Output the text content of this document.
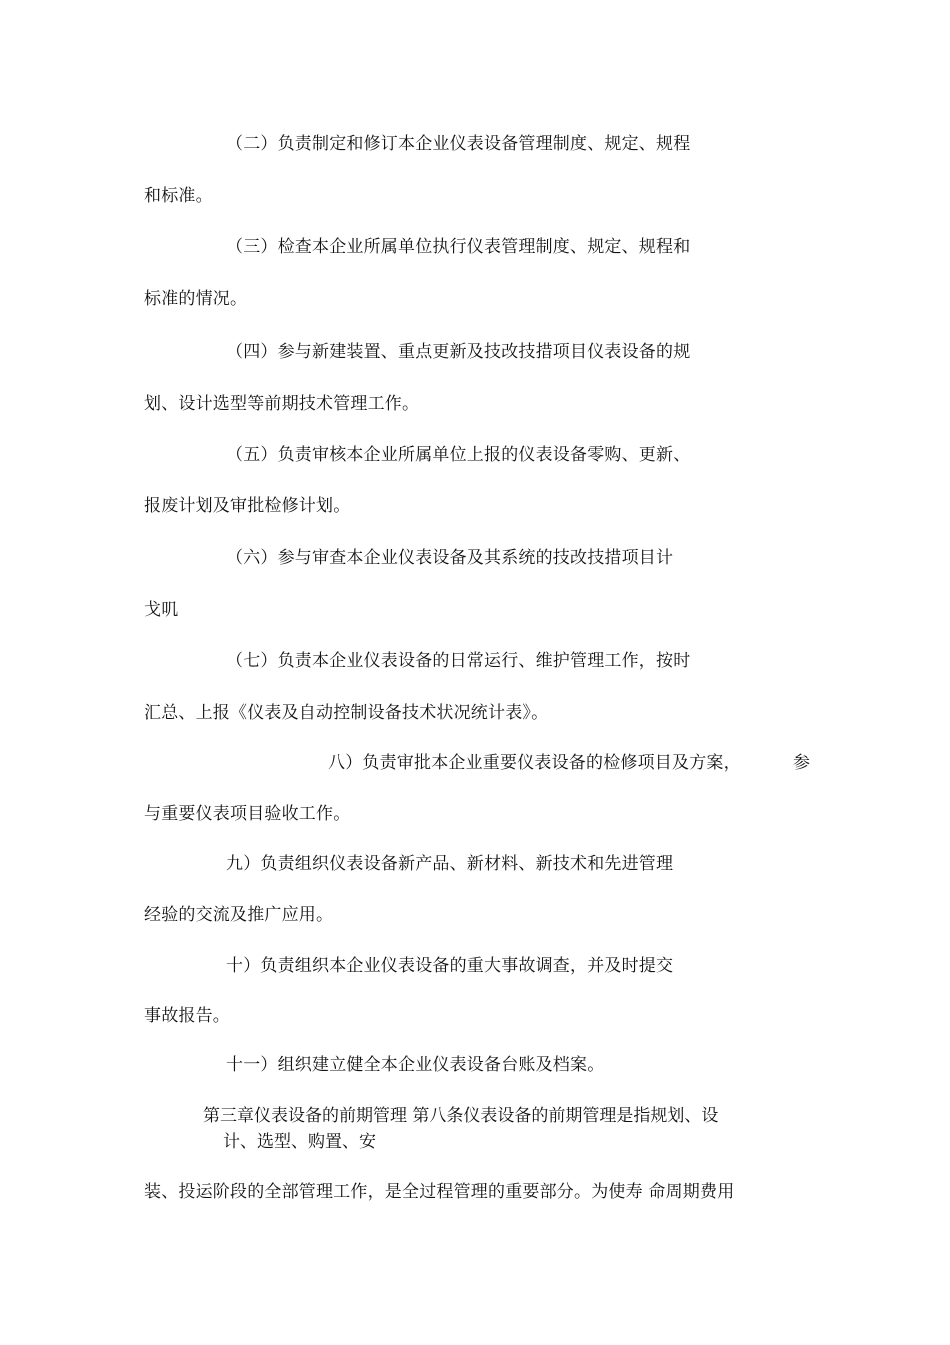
（二）负责制定和修订本企业仪表设备管理制度、规定、规程
和标准。
（三）检查本企业所属单位执行仪表管理制度、规定、规程和
标准的情况。
（四）参与新建装置、重点更新及技改技措项目仪表设备的规
划、设计选型等前期技术管理工作。
（五）负责审核本企业所属单位上报的仪表设备零购、更新、
报废计划及审批检修计划。
（六）参与审查本企业仪表设备及其系统的技改技措项目计
戈叽
（七）负责本企业仪表设备的日常运行、维护管理工作，按时
汇总、上报《仪表及自动控制设备技术状况统计表》。
八）负责审批本企业重要仪表设备的检修项目及方案，	参
与重要仪表项目验收工作。
九）负责组织仪表设备新产品、新材料、新技术和先进管理
经验的交流及推广应用。
十）负责组织本企业仪表设备的重大事故调查，并及时提交
事故报告。
十一）组织建立健全本企业仪表设备台账及档案。
第三章仪表设备的前期管理 第八条仪表设备的前期管理是指规划、设
计、选型、购置、安
装、投运阶段的全部管理工作，是全过程管理的重要部分。为使寿 命周期费用
